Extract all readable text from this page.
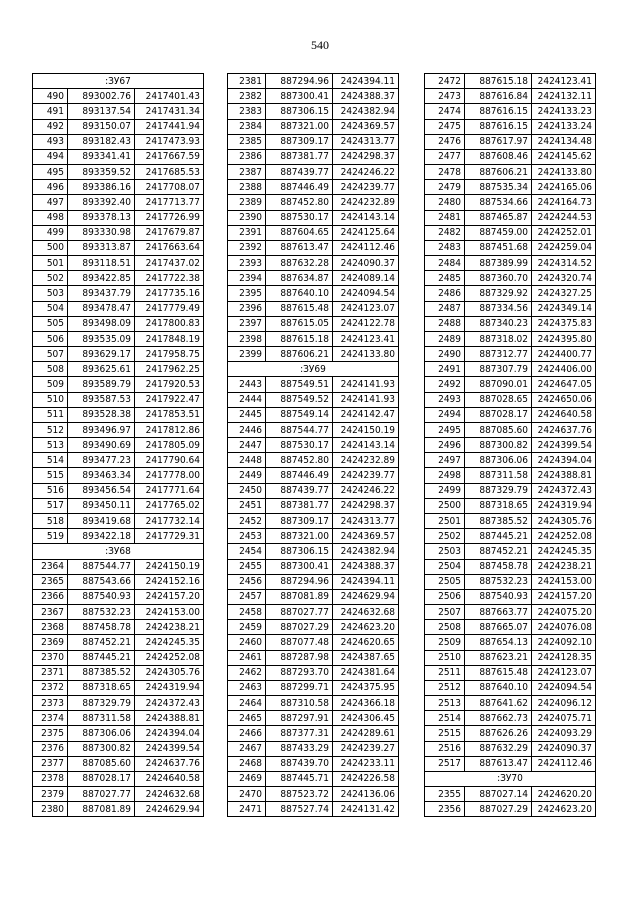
540
:ЗУ67		
490	893002.76	2417401.43
491	893137.54	2417431.34
492	893150.07	2417441.94
493	893182.43	2417473.93
494	893341.41	2417667.59
495	893359.52	2417685.53
496	893386.16	2417708.07
497	893392.40	2417713.77
498	893378.13	2417726.99
499	893330.98	2417679.87
500	893313.87	2417663.64
501	893118.51	2417437.02
502	893422.85	2417722.38
503	893437.79	2417735.16
504	893478.47	2417779.49
505	893498.09	2417800.83
506	893535.09	2417848.19
507	893629.17	2417958.75
508	893625.61	2417962.25
509	893589.79	2417920.53
510	893587.53	2417922.47
511	893528.38	2417853.51
512	893496.97	2417812.86
513	893490.69	2417805.09
514	893477.23	2417790.64
515	893463.34	2417778.00
516	893456.54	2417771.64
517	893450.11	2417765.02
518	893419.68	2417732.14
519	893422.18	2417729.31
:ЗУ68		
2364	887544.77	2424150.19
2365	887543.66	2424152.16
2366	887540.93	2424157.20
2367	887532.23	2424153.00
2368	887458.78	2424238.21
2369	887452.21	2424245.35
2370	887445.21	2424252.08
2371	887385.52	2424305.76
2372	887318.65	2424319.94
2373	887329.79	2424372.43
2374	887311.58	2424388.81
2375	887306.06	2424394.04
2376	887300.82	2424399.54
2377	887085.60	2424637.76
2378	887028.17	2424640.58
2379	887027.77	2424632.68
2380	887081.89	2424629.94
2381	887294.96	2424394.11
2382	887300.41	2424388.37
2383	887306.15	2424382.94
2384	887321.00	2424369.57
2385	887309.17	2424313.77
2386	887381.77	2424298.37
2387	887439.77	2424246.22
2388	887446.49	2424239.77
2389	887452.80	2424232.89
2390	887530.17	2424143.14
2391	887604.65	2424125.64
2392	887613.47	2424112.46
2393	887632.28	2424090.37
2394	887634.87	2424089.14
2395	887640.10	2424094.54
2396	887615.48	2424123.07
2397	887615.05	2424122.78
2398	887615.18	2424123.41
2399	887606.21	2424133.80
:ЗУ69		
2443	887549.51	2424141.93
2444	887549.52	2424141.93
2445	887549.14	2424142.47
2446	887544.77	2424150.19
2447	887530.17	2424143.14
2448	887452.80	2424232.89
2449	887446.49	2424239.77
2450	887439.77	2424246.22
2451	887381.77	2424298.37
2452	887309.17	2424313.77
2453	887321.00	2424369.57
2454	887306.15	2424382.94
2455	887300.41	2424388.37
2456	887294.96	2424394.11
2457	887081.89	2424629.94
2458	887027.77	2424632.68
2459	887027.29	2424623.20
2460	887077.48	2424620.65
2461	887287.98	2424387.65
2462	887293.70	2424381.64
2463	887299.71	2424375.95
2464	887310.58	2424366.18
2465	887297.91	2424306.45
2466	887377.31	2424289.61
2467	887433.29	2424239.27
2468	887439.70	2424233.11
2469	887445.71	2424226.58
2470	887523.72	2424136.06
2471	887527.74	2424131.42
2472	887615.18	2424123.41
2473	887616.84	2424132.11
2474	887616.15	2424133.23
2475	887616.15	2424133.24
2476	887617.97	2424134.48
2477	887608.46	2424145.62
2478	887606.21	2424133.80
2479	887535.34	2424165.06
2480	887534.66	2424164.73
2481	887465.87	2424244.53
2482	887459.00	2424252.01
2483	887451.68	2424259.04
2484	887389.99	2424314.52
2485	887360.70	2424320.74
2486	887329.92	2424327.25
2487	887334.56	2424349.14
2488	887340.23	2424375.83
2489	887318.02	2424395.80
2490	887312.77	2424400.77
2491	887307.79	2424406.00
2492	887090.01	2424647.05
2493	887028.65	2424650.06
2494	887028.17	2424640.58
2495	887085.60	2424637.76
2496	887300.82	2424399.54
2497	887306.06	2424394.04
2498	887311.58	2424388.81
2499	887329.79	2424372.43
2500	887318.65	2424319.94
2501	887385.52	2424305.76
2502	887445.21	2424252.08
2503	887452.21	2424245.35
2504	887458.78	2424238.21
2505	887532.23	2424153.00
2506	887540.93	2424157.20
2507	887663.77	2424075.20
2508	887665.07	2424076.08
2509	887654.13	2424092.10
2510	887623.21	2424128.35
2511	887615.48	2424123.07
2512	887640.10	2424094.54
2513	887641.62	2424096.12
2514	887662.73	2424075.71
2515	887626.26	2424093.29
2516	887632.29	2424090.37
2517	887613.47	2424112.46
:ЗУ70		
2355	887027.14	2424620.20
2356	887027.29	2424623.20
